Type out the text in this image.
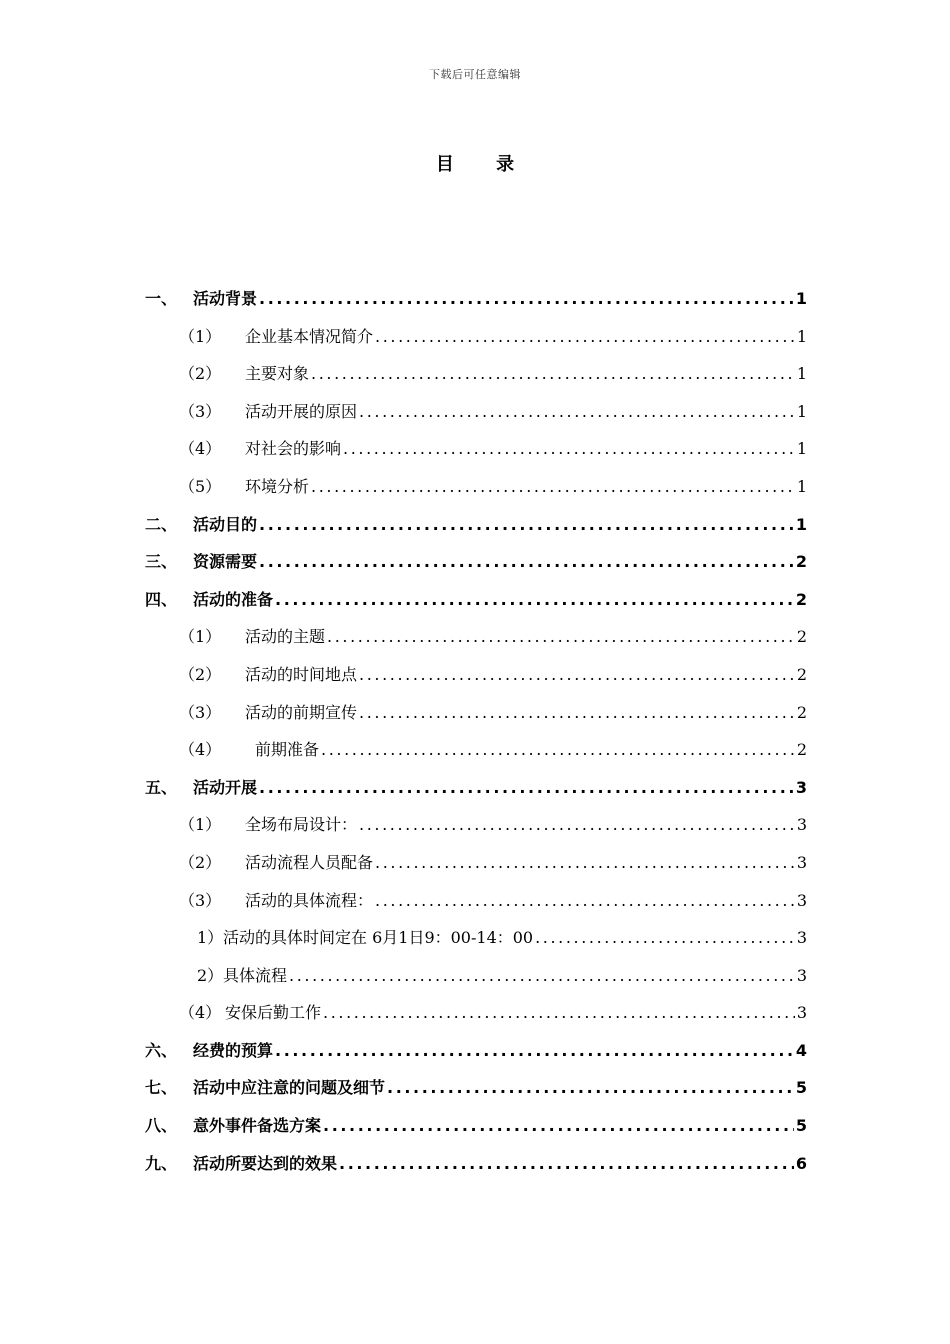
下载后可任意编辑
目 录
一、 活动背景 .....	1
（1）	企业基本情况简介 .....	1
（2）	主要对象 .....	1
（3）	活动开展的原因 .....	1
（4）	对社会的影响 .....	1
（5）	环境分析 .....	1
二、 活动目的 .....	1
三、 资源需要 .....	2
四、 活动的准备 .....	2
（1）	活动的主题 .....	2
（2）	活动的时间地点 .....	2
（3）	活动的前期宣传 .....	2
（4）	前期准备 .....	2
五、 活动开展 .....	3
（1）	全场布局设计： .....	3
（2）	活动流程人员配备 .....	3
（3）	活动的具体流程： .....	3
1） 活动的具体时间定在 6月1日9：00-14：00 .....	3
2） 具体流程 .....	3
（4） 安保后勤工作 .....	3
六、 经费的预算 .....	4
七、 活动中应注意的问题及细节 .....	5
八、 意外事件备选方案 .....	5
九、 活动所要达到的效果 .....	6
